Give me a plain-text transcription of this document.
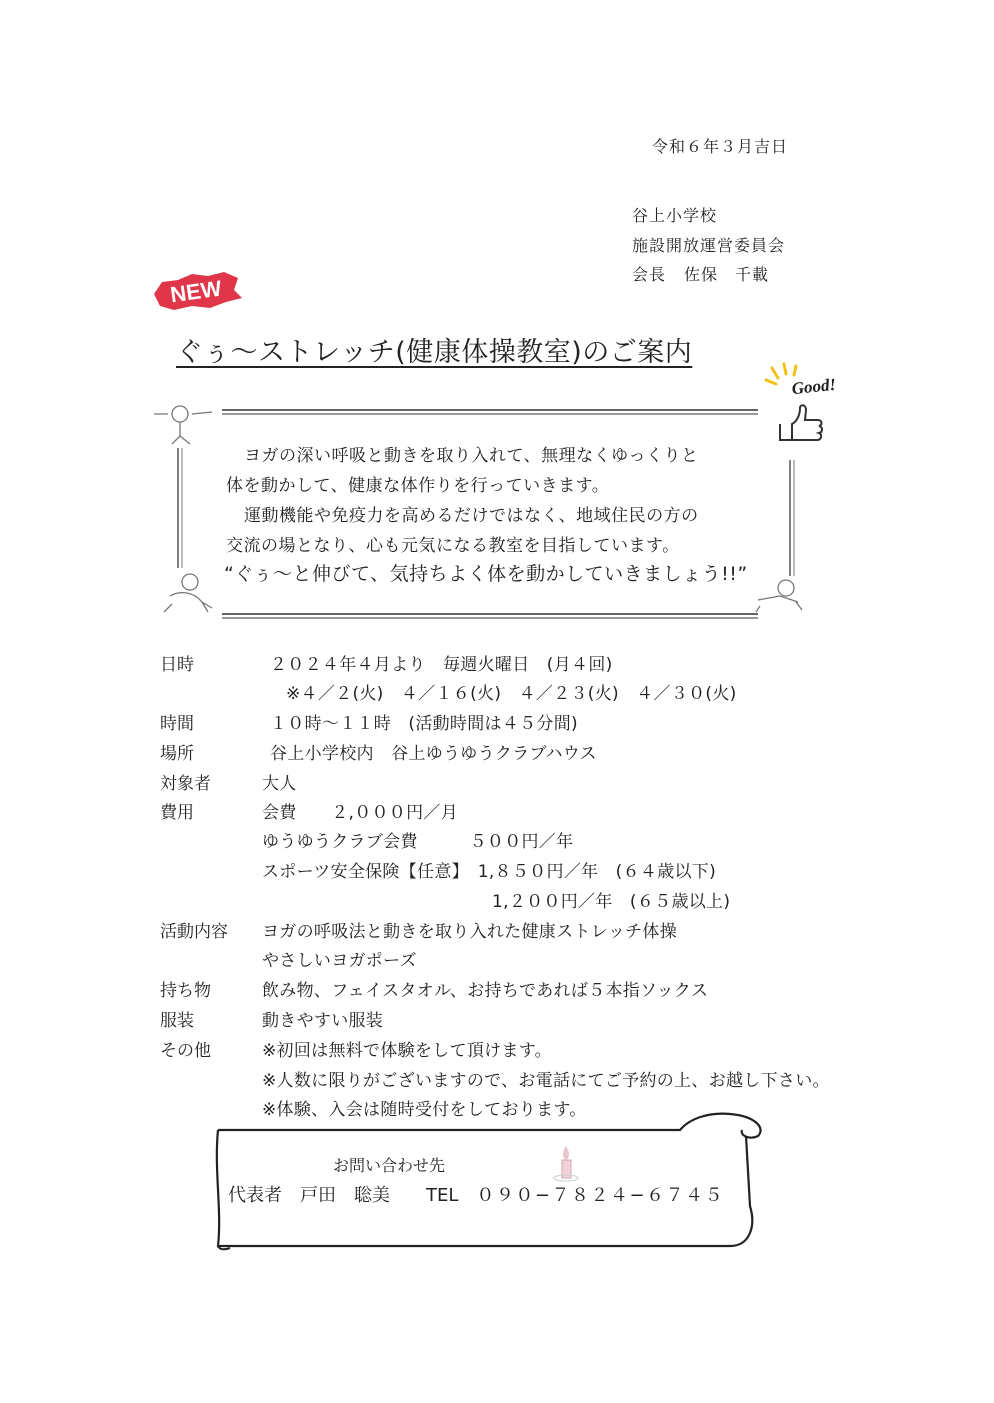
令和６年３月吉日
谷上小学校
施設開放運営委員会
会長 佐保　千載
NEW
ぐぅ〜ストレッチ(健康体操教室)のご案内
Good!
ヨガの深い呼吸と動きを取り入れて、無理なくゆっくりと
体を動かして、健康な体作りを行っていきます。
運動機能や免疫力を高めるだけではなく、地域住民の方の
交流の場となり、心も元気になる教室を目指しています。
“ぐぅ〜と伸びて、気持ちよく体を動かしていきましょう!!”
日時	２０２４年４月より　毎週火曜日　(月４回)
※４／２(火)　４／１６(火)　４／２３(火)　４／３０(火)
時間	１０時〜１１時　(活動時間は４５分間)
場所	谷上小学校内　谷上ゆうゆうクラブハウス
対象者	大人
費用	会費　　２,０００円／月
ゆうゆうクラブ会費　　　５００円／年
スポーツ安全保険【任意】　1,８５０円／年　(６４歳以下)
1,２００円／年　(６５歳以上)
活動内容 ヨガの呼吸法と動きを取り入れた健康ストレッチ体操
やさしいヨガポーズ
持ち物	飲み物、フェイスタオル、お持ちであれば５本指ソックス
服装	動きやすい服装
その他	※初回は無料で体験をして頂けます。
※人数に限りがございますので、お電話にてご予約の上、お越し下さい。
※体験、入会は随時受付をしております。
お問い合わせ先
代表者 戸田　聡美 TEL ０９０−７８２４−６７４５
